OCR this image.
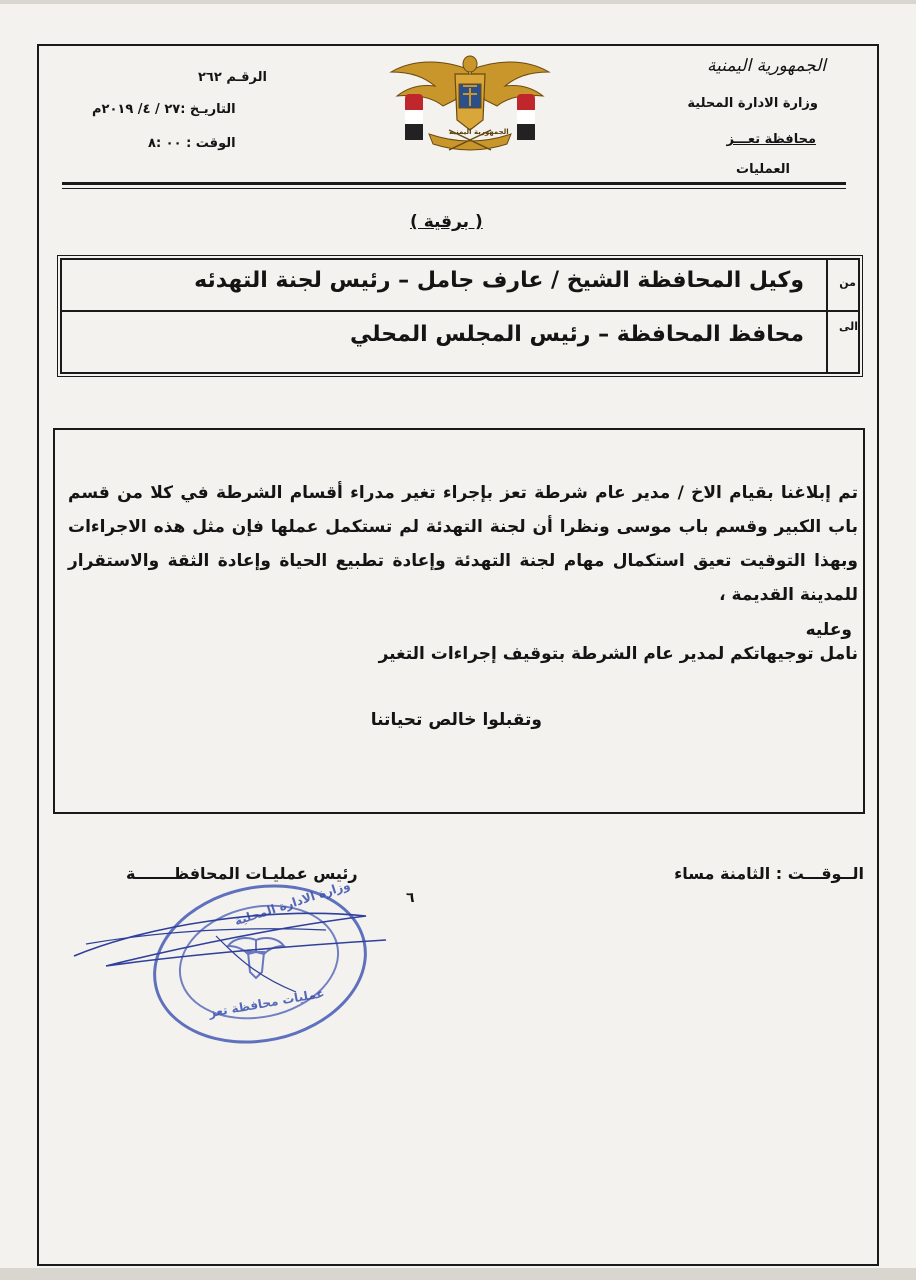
الجمهورية اليمنية
وزارة الادارة المحلية
محافظة تعـــز
العمليات
الرقـم ٢٦٢
التاريـخ :٢٧ / ٤/ ٢٠١٩م
الوقت : ٠٠ :٨
الجمهورية اليمنية
( برقية )
من
وكيل المحافظة الشيخ / عارف جامل – رئيس لجنة التهدئه
الى
محافظ المحافظة – رئيس المجلس المحلي
تم إبلاغنا بقيام الاخ / مدير عام شرطة تعز بإجراء تغير مدراء أقسام الشرطة في كلا من قسم باب الكبير وقسم باب موسى ونظرا أن لجنة التهدئة لم تستكمل عملها فإن مثل هذه الاجراءات وبهذا التوقيت تعيق استكمال مهام لجنة التهدئة وإعادة تطبيع الحياة وإعادة الثقة والاستقرار للمدينة القديمة ،
وعليه
نامل توجيهاتكم لمدير عام الشرطة بتوقيف إجراءات التغير
وتقبلوا خالص تحياتنا
الــوقـــت : الثامنة مساء
رئيس عمليـات المحافظـــــــة
٦
وزارة الادارة المحلية
عمليات محافظة تعز
